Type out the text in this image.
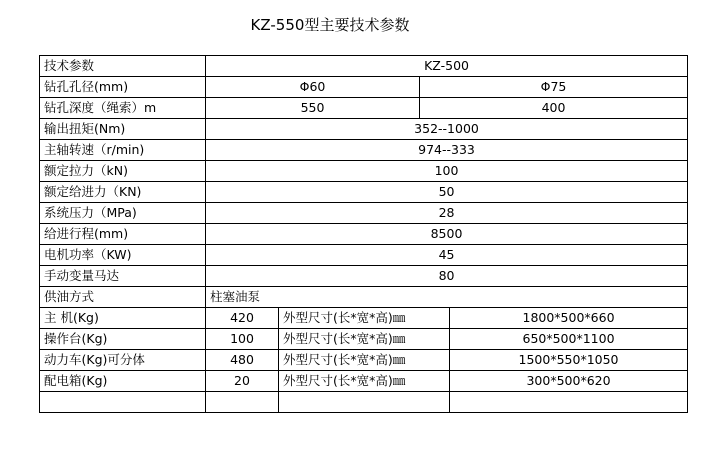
KZ-550型主要技术参数
技术参数	KZ-500			
钻孔孔径(mm)	Φ60		Φ75	
钻孔深度（绳索）m	550		400	
输出扭矩(Nm)	352--1000			
主轴转速（r/min)	974--333			
额定拉力（kN)	100			
额定给进力（KN)	50			
系统压力（MPa)	28			
给进行程(mm)	8500			
电机功率（KW)	45			
手动变量马达	80			
供油方式	柱塞油泵			
主 机(Kg)	420	外型尺寸(长*宽*高)㎜		1800*500*660
操作台(Kg)	100	外型尺寸(长*宽*高)㎜		650*500*1100
动力车(Kg)可分体	480	外型尺寸(长*宽*高)㎜		1500*550*1050
配电箱(Kg)	20	外型尺寸(长*宽*高)㎜		300*500*620
